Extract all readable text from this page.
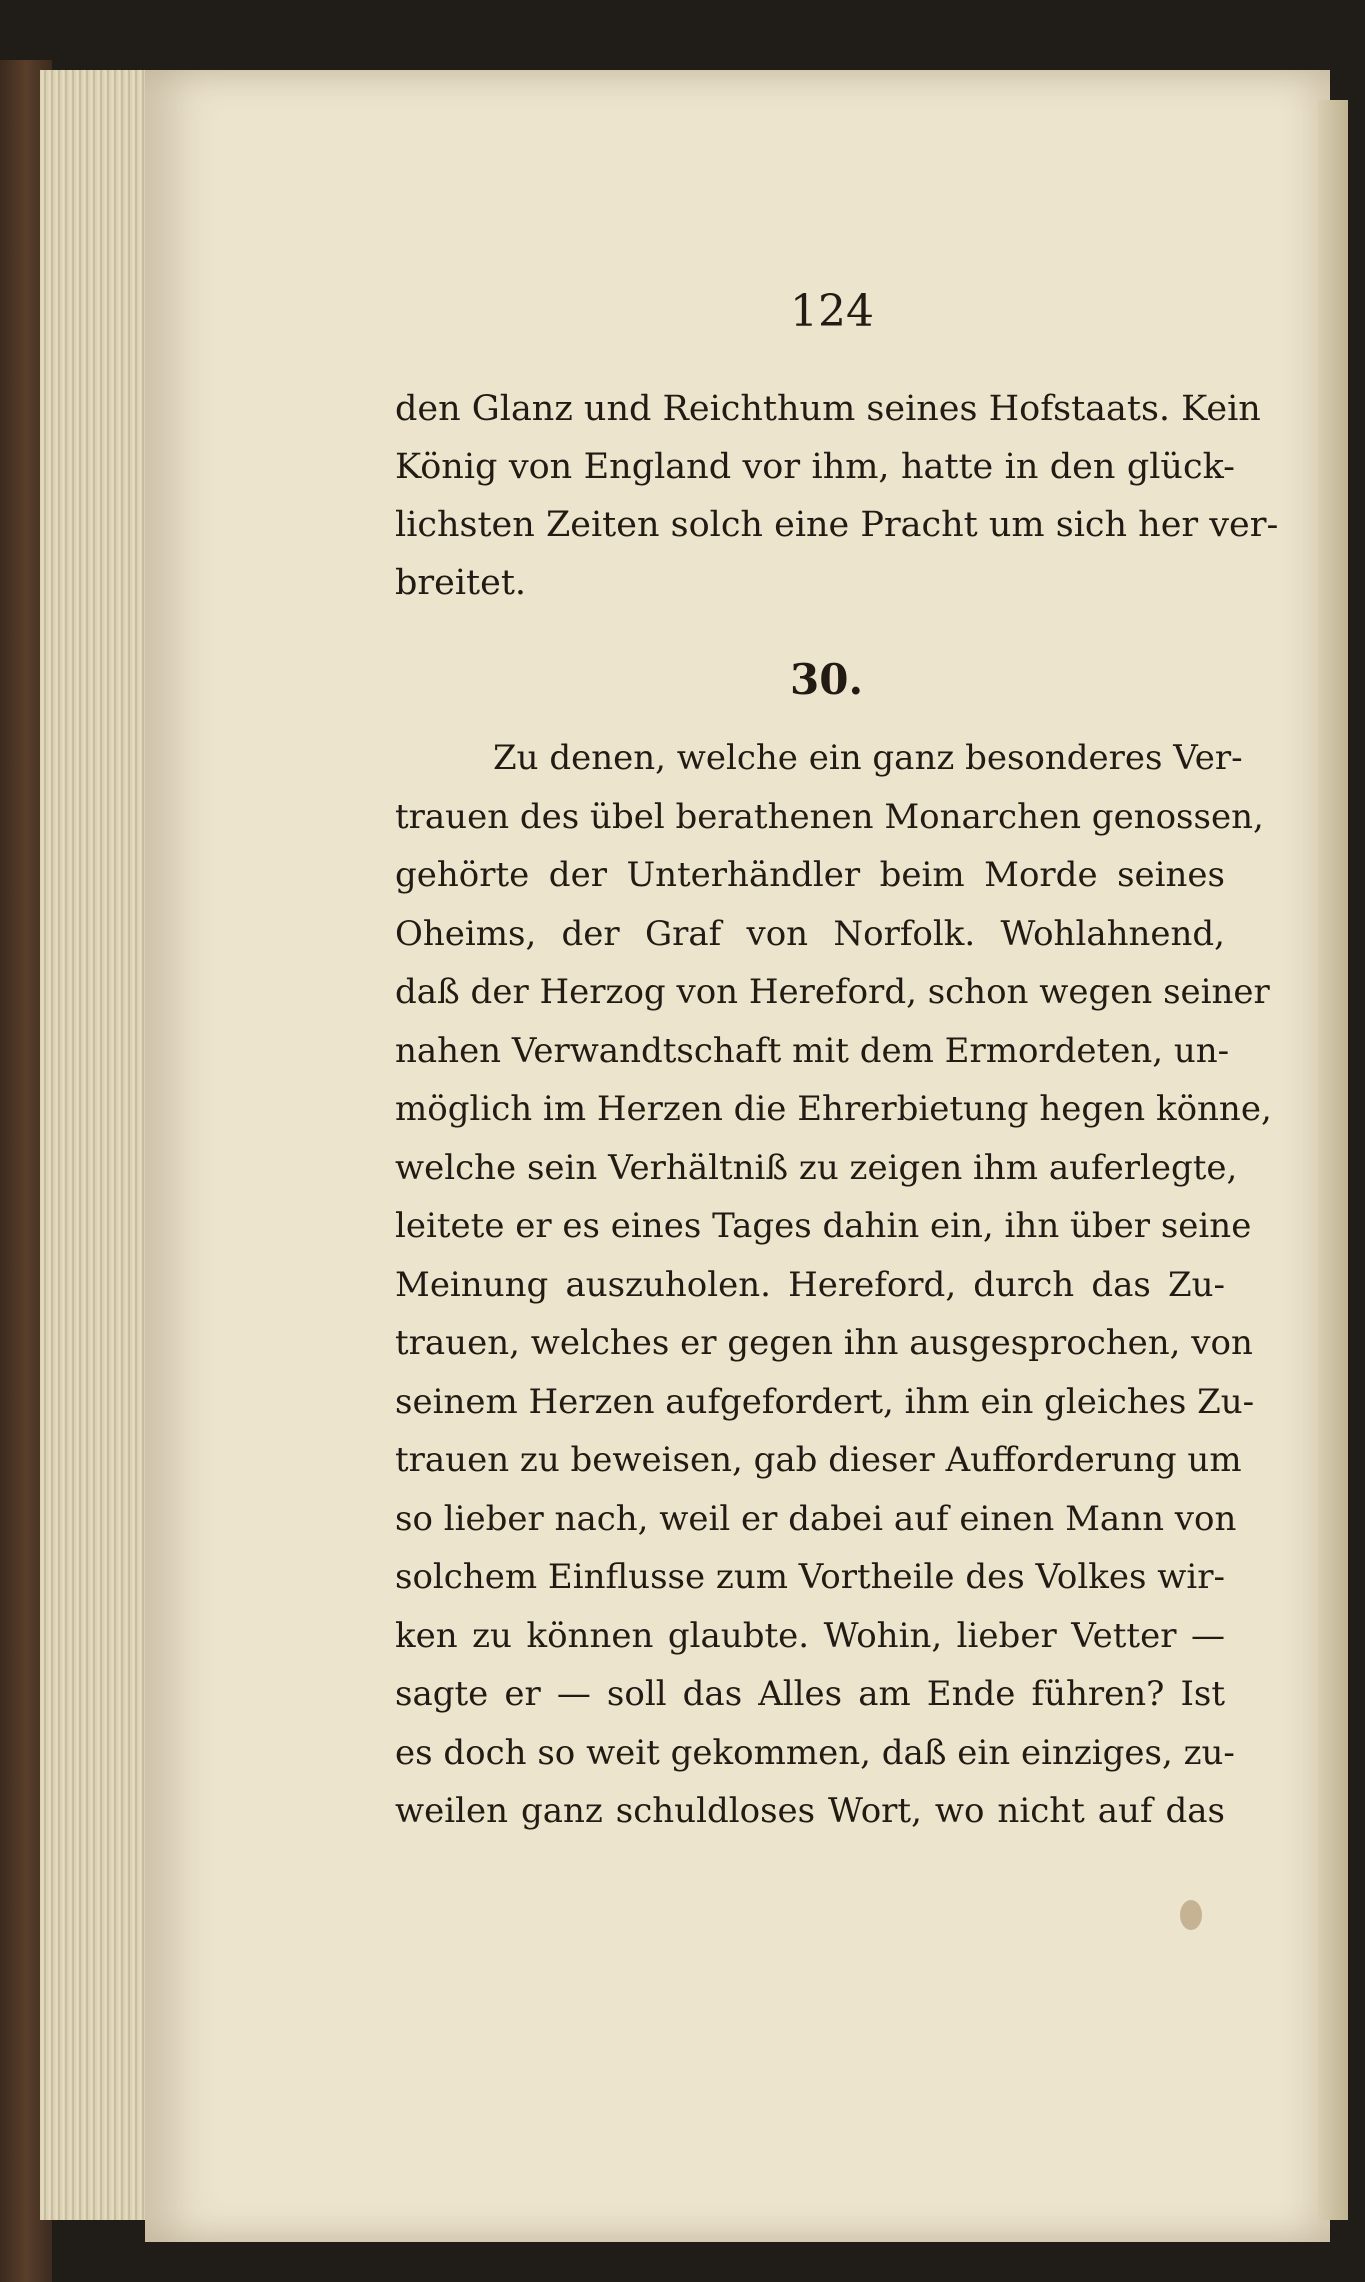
124
den Glanz und Reichthum seines Hofstaats. Kein
König von England vor ihm, hatte in den glück-
lichsten Zeiten solch eine Pracht um sich her ver-
breitet.
30.
Zu denen, welche ein ganz besonderes Ver-
trauen des übel berathenen Monarchen genossen,
gehörte der Unterhändler beim Morde seines
Oheims, der Graf von Norfolk. Wohlahnend,
daß der Herzog von Hereford, schon wegen seiner
nahen Verwandtschaft mit dem Ermordeten, un-
möglich im Herzen die Ehrerbietung hegen könne,
welche sein Verhältniß zu zeigen ihm auferlegte,
leitete er es eines Tages dahin ein, ihn über seine
Meinung auszuholen. Hereford, durch das Zu-
trauen, welches er gegen ihn ausgesprochen, von
seinem Herzen aufgefordert, ihm ein gleiches Zu-
trauen zu beweisen, gab dieser Aufforderung um
so lieber nach, weil er dabei auf einen Mann von
solchem Einflusse zum Vortheile des Volkes wir-
ken zu können glaubte. Wohin, lieber Vetter —
sagte er — soll das Alles am Ende führen? Ist
es doch so weit gekommen, daß ein einziges, zu-
weilen ganz schuldloses Wort, wo nicht auf das
